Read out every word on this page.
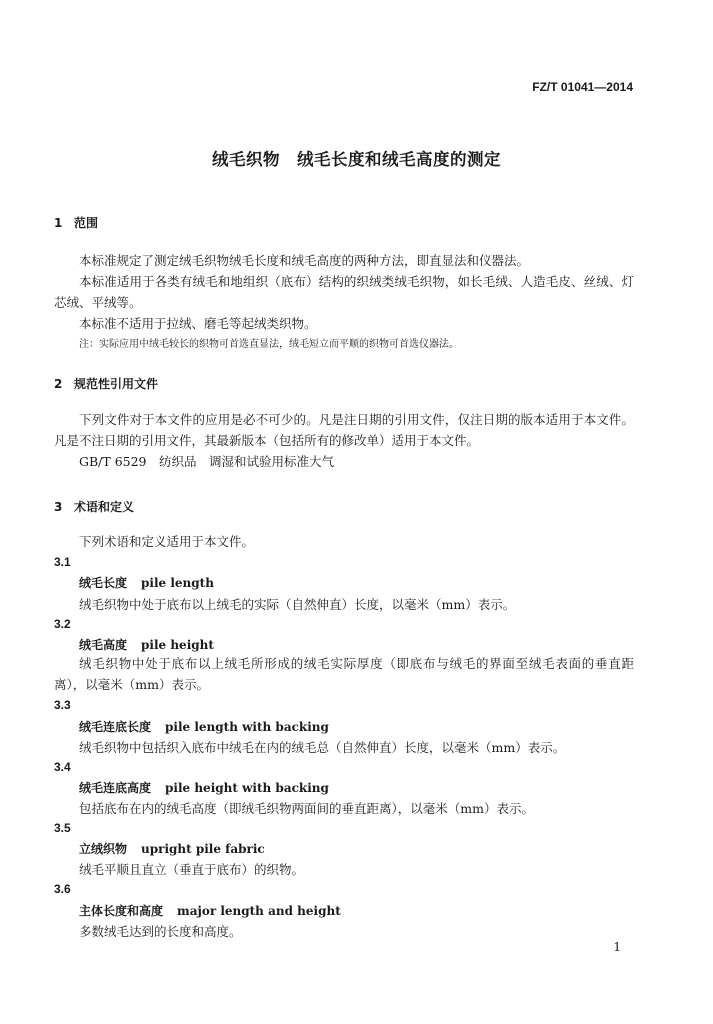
FZ/T 01041—2014
绒毛织物　绒毛长度和绒毛高度的测定
1 范围

本标准规定了测定绒毛织物绒毛长度和绒毛高度的两种方法，即直显法和仪器法。

本标准适用于各类有绒毛和地组织（底布）结构的织绒类绒毛织物，如长毛绒、人造毛皮、丝绒、灯芯绒、平绒等。

本标准不适用于拉绒、磨毛等起绒类织物。

注：实际应用中绒毛较长的织物可首选直显法，绒毛短立而平顺的织物可首选仪器法。
2 规范性引用文件

下列文件对于本文件的应用是必不可少的。凡是注日期的引用文件，仅注日期的版本适用于本文件。凡是不注日期的引用文件，其最新版本（包括所有的修改单）适用于本文件。

GB/T 6529　纺织品　调湿和试验用标准大气
3 术语和定义
下列术语和定义适用于本文件。
3.1
绒毛长度 pile length
绒毛织物中处于底布以上绒毛的实际（自然伸直）长度，以毫米（mm）表示。
3.2
绒毛高度 pile height

绒毛织物中处于底布以上绒毛所形成的绒毛实际厚度（即底布与绒毛的界面至绒毛表面的垂直距离），以毫米（mm）表示。

3.3
绒毛连底长度 pile length with backing
绒毛织物中包括织入底布中绒毛在内的绒毛总（自然伸直）长度，以毫米（mm）表示。
3.4
绒毛连底高度 pile height with backing
包括底布在内的绒毛高度（即绒毛织物两面间的垂直距离），以毫米（mm）表示。
3.5
立绒织物 upright pile fabric
绒毛平顺且直立（垂直于底布）的织物。
3.6
主体长度和高度 major length and height
多数绒毛达到的长度和高度。
1
